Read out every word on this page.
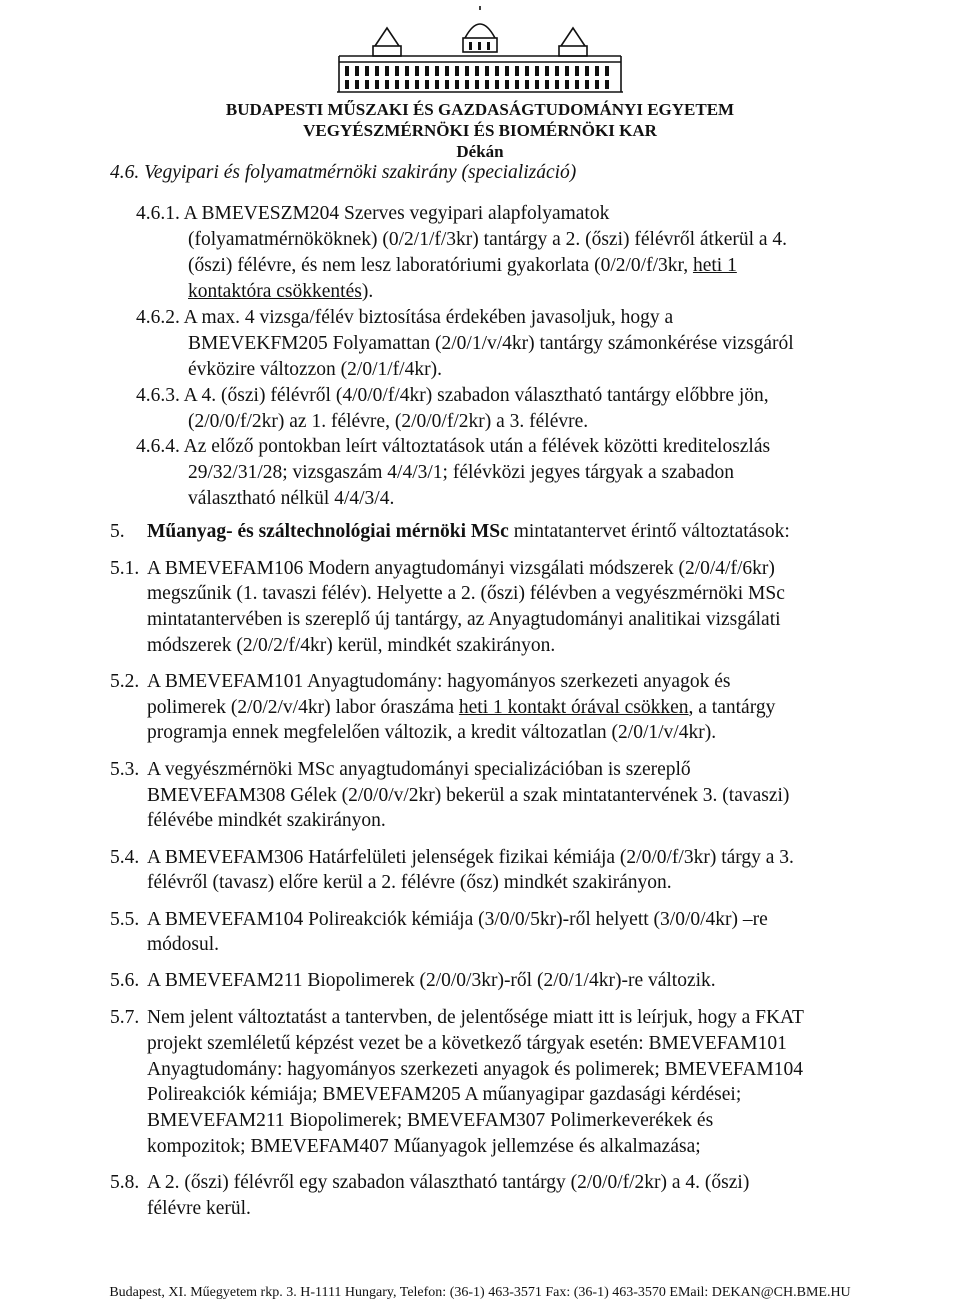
BUDAPESTI MŰSZAKI ÉS GAZDASÁGTUDOMÁNYI EGYETEM
VEGYÉSZMÉRNÖKI ÉS BIOMÉRNÖKI KAR
Dékán
4.6. Vegyipari és folyamatmérnöki szakirány (specializáció)
4.6.1. A BMEVESZM204 Szerves vegyipari alapfolyamatok
(folyamatmérnököknek) (0/2/1/f/3kr) tantárgy a 2. (őszi) félévről átkerül a 4.
(őszi) félévre, és nem lesz laboratóriumi gyakorlata (0/2/0/f/3kr, heti 1
kontaktóra csökkentés).
4.6.2. A max. 4 vizsga/félév biztosítása érdekében javasoljuk, hogy a
BMEVEKFM205 Folyamattan (2/0/1/v/4kr) tantárgy számonkérése vizsgáról
évközire változzon (2/0/1/f/4kr).
4.6.3. A 4. (őszi) félévről (4/0/0/f/4kr) szabadon választható tantárgy előbbre jön,
(2/0/0/f/2kr) az 1. félévre, (2/0/0/f/2kr) a 3. félévre.
4.6.4. Az előző pontokban leírt változtatások után a félévek közötti krediteloszlás
29/32/31/28; vizsgaszám 4/4/3/1; félévközi jegyes tárgyak a szabadon
választható nélkül 4/4/3/4.
5. Műanyag- és száltechnológiai mérnöki MSc mintatantervet érintő változtatások:
5.1. A BMEVEFAM106 Modern anyagtudományi vizsgálati módszerek (2/0/4/f/6kr)
megszűnik (1. tavaszi félév). Helyette a 2. (őszi) félévben a vegyészmérnöki MSc
mintatantervében is szereplő új tantárgy, az Anyagtudományi analitikai vizsgálati
módszerek (2/0/2/f/4kr) kerül, mindkét szakirányon.
5.2. A BMEVEFAM101 Anyagtudomány: hagyományos szerkezeti anyagok és
polimerek (2/0/2/v/4kr) labor óraszáma heti 1 kontakt órával csökken, a tantárgy
programja ennek megfelelően változik, a kredit változatlan (2/0/1/v/4kr).
5.3. A vegyészmérnöki MSc anyagtudományi specializációban is szereplő
BMEVEFAM308 Gélek (2/0/0/v/2kr) bekerül a szak mintatantervének 3. (tavaszi)
félévébe mindkét szakirányon.
5.4. A BMEVEFAM306 Határfelületi jelenségek fizikai kémiája (2/0/0/f/3kr) tárgy a 3.
félévről (tavasz) előre kerül a 2. félévre (ősz) mindkét szakirányon.
5.5. A BMEVEFAM104 Polireakciók kémiája (3/0/0/5kr)-ről helyett (3/0/0/4kr) –re
módosul.
5.6. A BMEVEFAM211 Biopolimerek (2/0/0/3kr)-ről (2/0/1/4kr)-re változik.
5.7. Nem jelent változtatást a tantervben, de jelentősége miatt itt is leírjuk, hogy a FKAT
projekt szemléletű képzést vezet be a következő tárgyak esetén: BMEVEFAM101
Anyagtudomány: hagyományos szerkezeti anyagok és polimerek; BMEVEFAM104
Polireakciók kémiája; BMEVEFAM205 A műanyagipar gazdasági kérdései;
BMEVEFAM211 Biopolimerek; BMEVEFAM307 Polimerkeverékek és
kompozitok; BMEVEFAM407 Műanyagok jellemzése és alkalmazása;
5.8. A 2. (őszi) félévről egy szabadon választható tantárgy (2/0/0/f/2kr) a 4. (őszi)
félévre kerül.
Budapest, XI. Műegyetem rkp. 3. H-1111 Hungary, Telefon: (36-1) 463-3571 Fax: (36-1) 463-3570 EMail: DEKAN@CH.BME.HU
